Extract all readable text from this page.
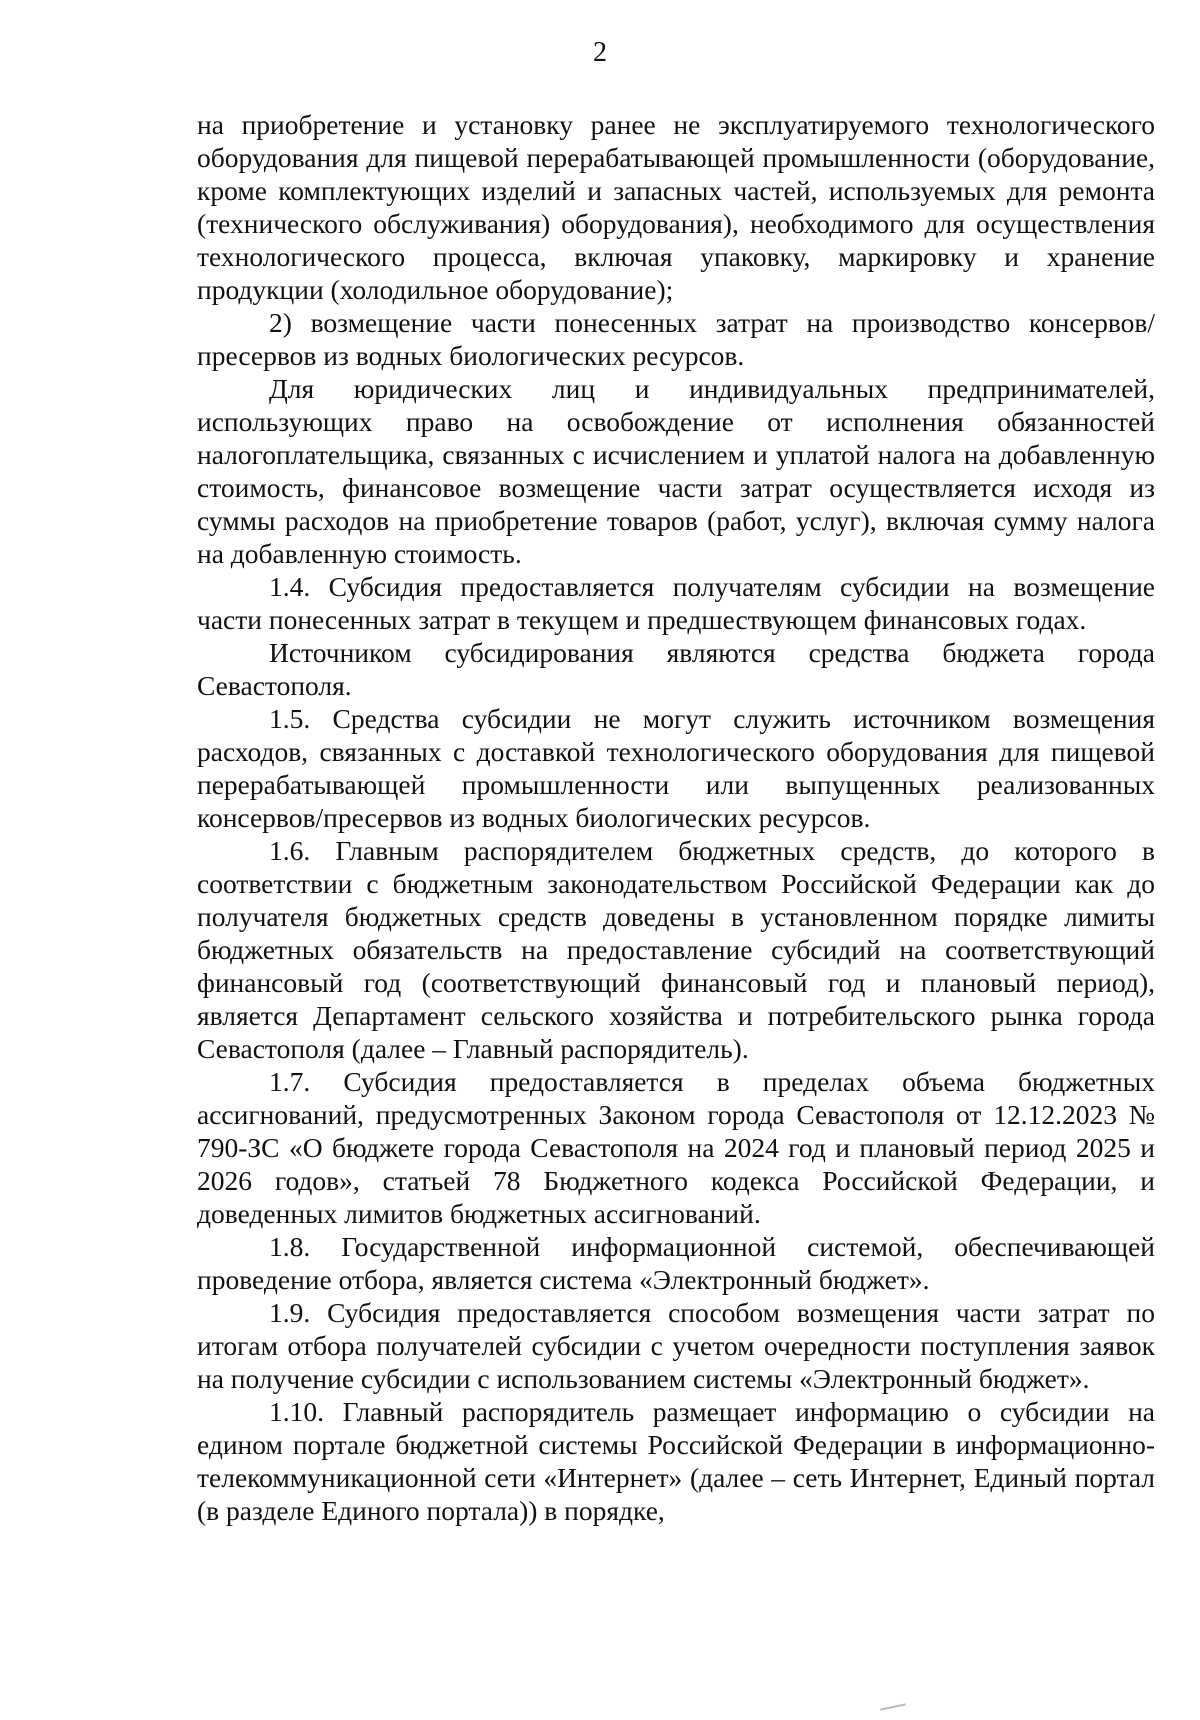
2

на приобретение и установку ранее не эксплуатируемого технологического оборудования для пищевой перерабатывающей промышленности (оборудование, кроме комплектующих изделий и запасных частей, используемых для ремонта (технического обслуживания) оборудования), необходимого для осуществления технологического процесса, включая упаковку, маркировку и хранение продукции (холодильное оборудование);

2) возмещение части понесенных затрат на производство консервов/пресервов из водных биологических ресурсов.

Для юридических лиц и индивидуальных предпринимателей, использующих право на освобождение от исполнения обязанностей налогоплательщика, связанных с исчислением и уплатой налога на добавленную стоимость, финансовое возмещение части затрат осуществляется исходя из суммы расходов на приобретение товаров (работ, услуг), включая сумму налога на добавленную стоимость.

1.4. Субсидия предоставляется получателям субсидии на возмещение части понесенных затрат в текущем и предшествующем финансовых годах.

Источником субсидирования являются средства бюджета города Севастополя.

1.5. Средства субсидии не могут служить источником возмещения расходов, связанных с доставкой технологического оборудования для пищевой перерабатывающей промышленности или выпущенных реализованных консервов/пресервов из водных биологических ресурсов.

1.6. Главным распорядителем бюджетных средств, до которого в соответствии с бюджетным законодательством Российской Федерации как до получателя бюджетных средств доведены в установленном порядке лимиты бюджетных обязательств на предоставление субсидий на соответствующий финансовый год (соответствующий финансовый год и плановый период), является Департамент сельского хозяйства и потребительского рынка города Севастополя (далее – Главный распорядитель).

1.7. Субсидия предоставляется в пределах объема бюджетных ассигнований, предусмотренных Законом города Севастополя от 12.12.2023 № 790-ЗС «О бюджете города Севастополя на 2024 год и плановый период 2025 и 2026 годов», статьей 78 Бюджетного кодекса Российской Федерации, и доведенных лимитов бюджетных ассигнований.

1.8. Государственной информационной системой, обеспечивающей проведение отбора, является система «Электронный бюджет».

1.9. Субсидия предоставляется способом возмещения части затрат по итогам отбора получателей субсидии с учетом очередности поступления заявок на получение субсидии с использованием системы «Электронный бюджет».

1.10. Главный распорядитель размещает информацию о субсидии на едином портале бюджетной системы Российской Федерации в информационно-телекоммуникационной сети «Интернет» (далее – сеть Интернет, Единый портал (в разделе Единого портала)) в порядке,
